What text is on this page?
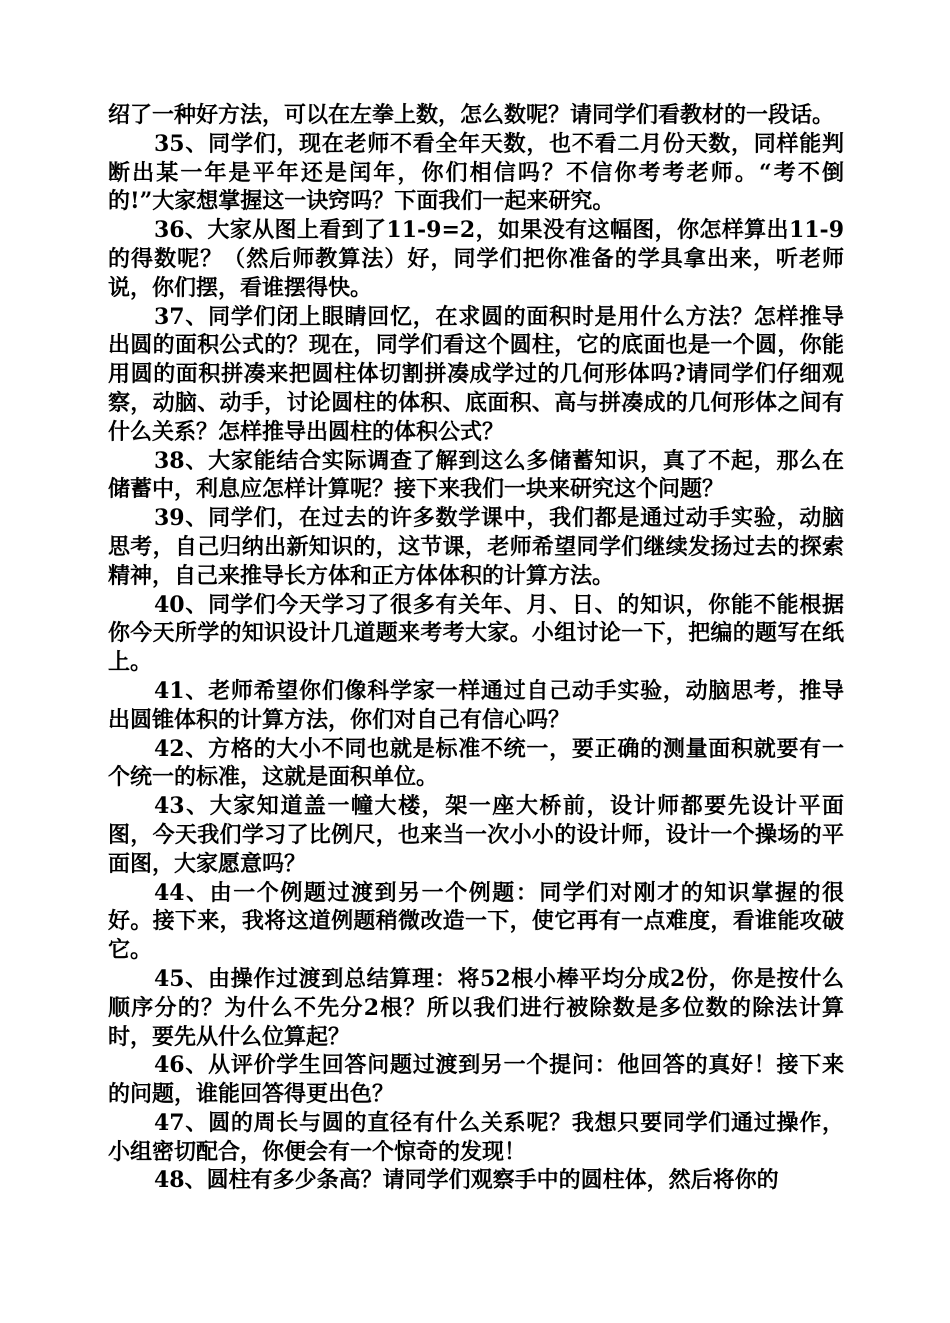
绍了一种好方法，可以在左拳上数，怎么数呢？请同学们看教材的一段话。

35、同学们，现在老师不看全年天数，也不看二月份天数，同样能判断出某一年是平年还是闰年，你们相信吗？不信你考考老师。“考不倒的!”大家想掌握这一诀窍吗？下面我们一起来研究。

36、大家从图上看到了11-9=2，如果没有这幅图，你怎样算出11-9的得数呢？（然后师教算法）好，同学们把你准备的学具拿出来，听老师说，你们摆，看谁摆得快。

37、同学们闭上眼睛回忆，在求圆的面积时是用什么方法？怎样推导出圆的面积公式的？现在，同学们看这个圆柱，它的底面也是一个圆，你能用圆的面积拼凑来把圆柱体切割拼凑成学过的几何形体吗?请同学们仔细观察，动脑、动手，讨论圆柱的体积、底面积、高与拼凑成的几何形体之间有什么关系？怎样推导出圆柱的体积公式？

38、大家能结合实际调查了解到这么多储蓄知识，真了不起，那么在储蓄中，利息应怎样计算呢？接下来我们一块来研究这个问题？

39、同学们，在过去的许多数学课中，我们都是通过动手实验，动脑思考，自己归纳出新知识的，这节课，老师希望同学们继续发扬过去的探索精神，自己来推导长方体和正方体体积的计算方法。

40、同学们今天学习了很多有关年、月、日、的知识，你能不能根据你今天所学的知识设计几道题来考考大家。小组讨论一下，把编的题写在纸上。

41、老师希望你们像科学家一样通过自己动手实验，动脑思考，推导出圆锥体积的计算方法，你们对自己有信心吗？

42、方格的大小不同也就是标准不统一，要正确的测量面积就要有一个统一的标准，这就是面积单位。

43、大家知道盖一幢大楼，架一座大桥前，设计师都要先设计平面图，今天我们学习了比例尺，也来当一次小小的设计师，设计一个操场的平面图，大家愿意吗？

44、由一个例题过渡到另一个例题：同学们对刚才的知识掌握的很好。接下来，我将这道例题稍微改造一下，使它再有一点难度，看谁能攻破它。

45、由操作过渡到总结算理：将52根小棒平均分成2份，你是按什么顺序分的？为什么不先分2根？所以我们进行被除数是多位数的除法计算时，要先从什么位算起？

46、从评价学生回答问题过渡到另一个提问：他回答的真好！接下来的问题，谁能回答得更出色？

47、圆的周长与圆的直径有什么关系呢？我想只要同学们通过操作，小组密切配合，你便会有一个惊奇的发现！

48、圆柱有多少条高？请同学们观察手中的圆柱体，然后将你的
